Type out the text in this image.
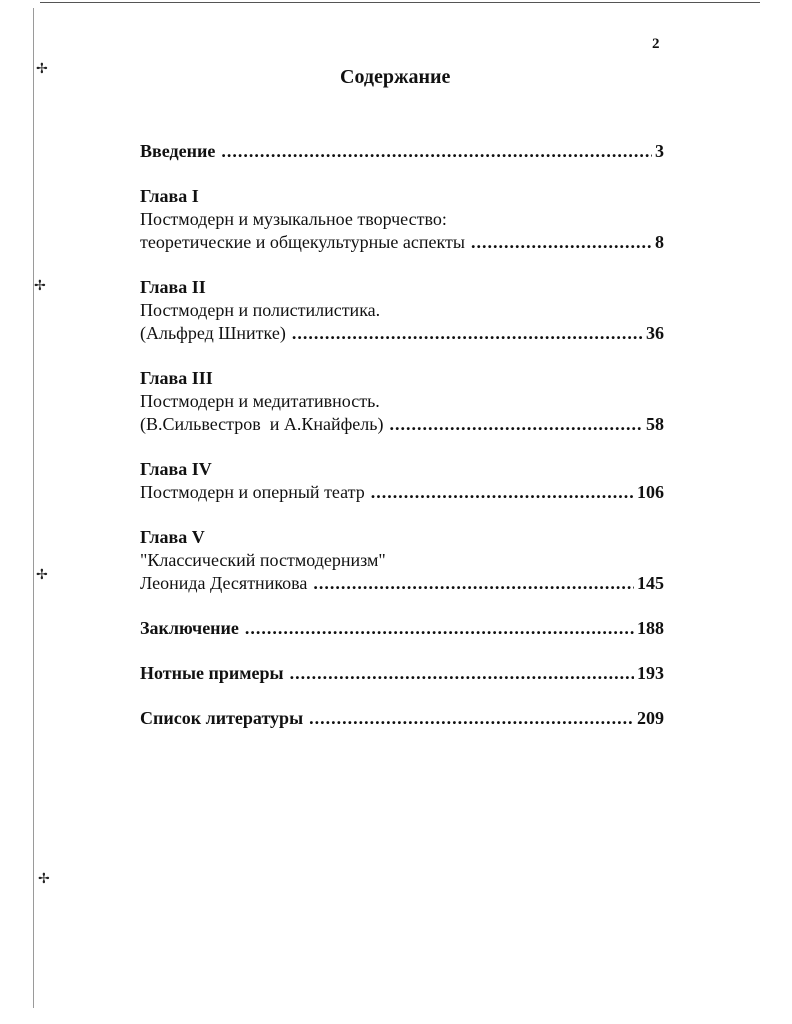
✢
✢
✢
✢
2
Содержание
Введение .....	3
Глава I
Постмодерн и музыкальное творчество:
теоретические и общекультурные аспекты .....	8
Глава II
Постмодерн и полистилистика.
(Альфред Шнитке) .....	36
Глава III
Постмодерн и медитативность.
(В.Сильвестров  и А.Кнайфель) .....	58
Глава IV
Постмодерн и оперный театр .....	106
Глава V
"Классический постмодернизм"
Леонида Десятникова .....	145
Заключение .....	188
Нотные примеры .....	193
Список литературы .....	209
